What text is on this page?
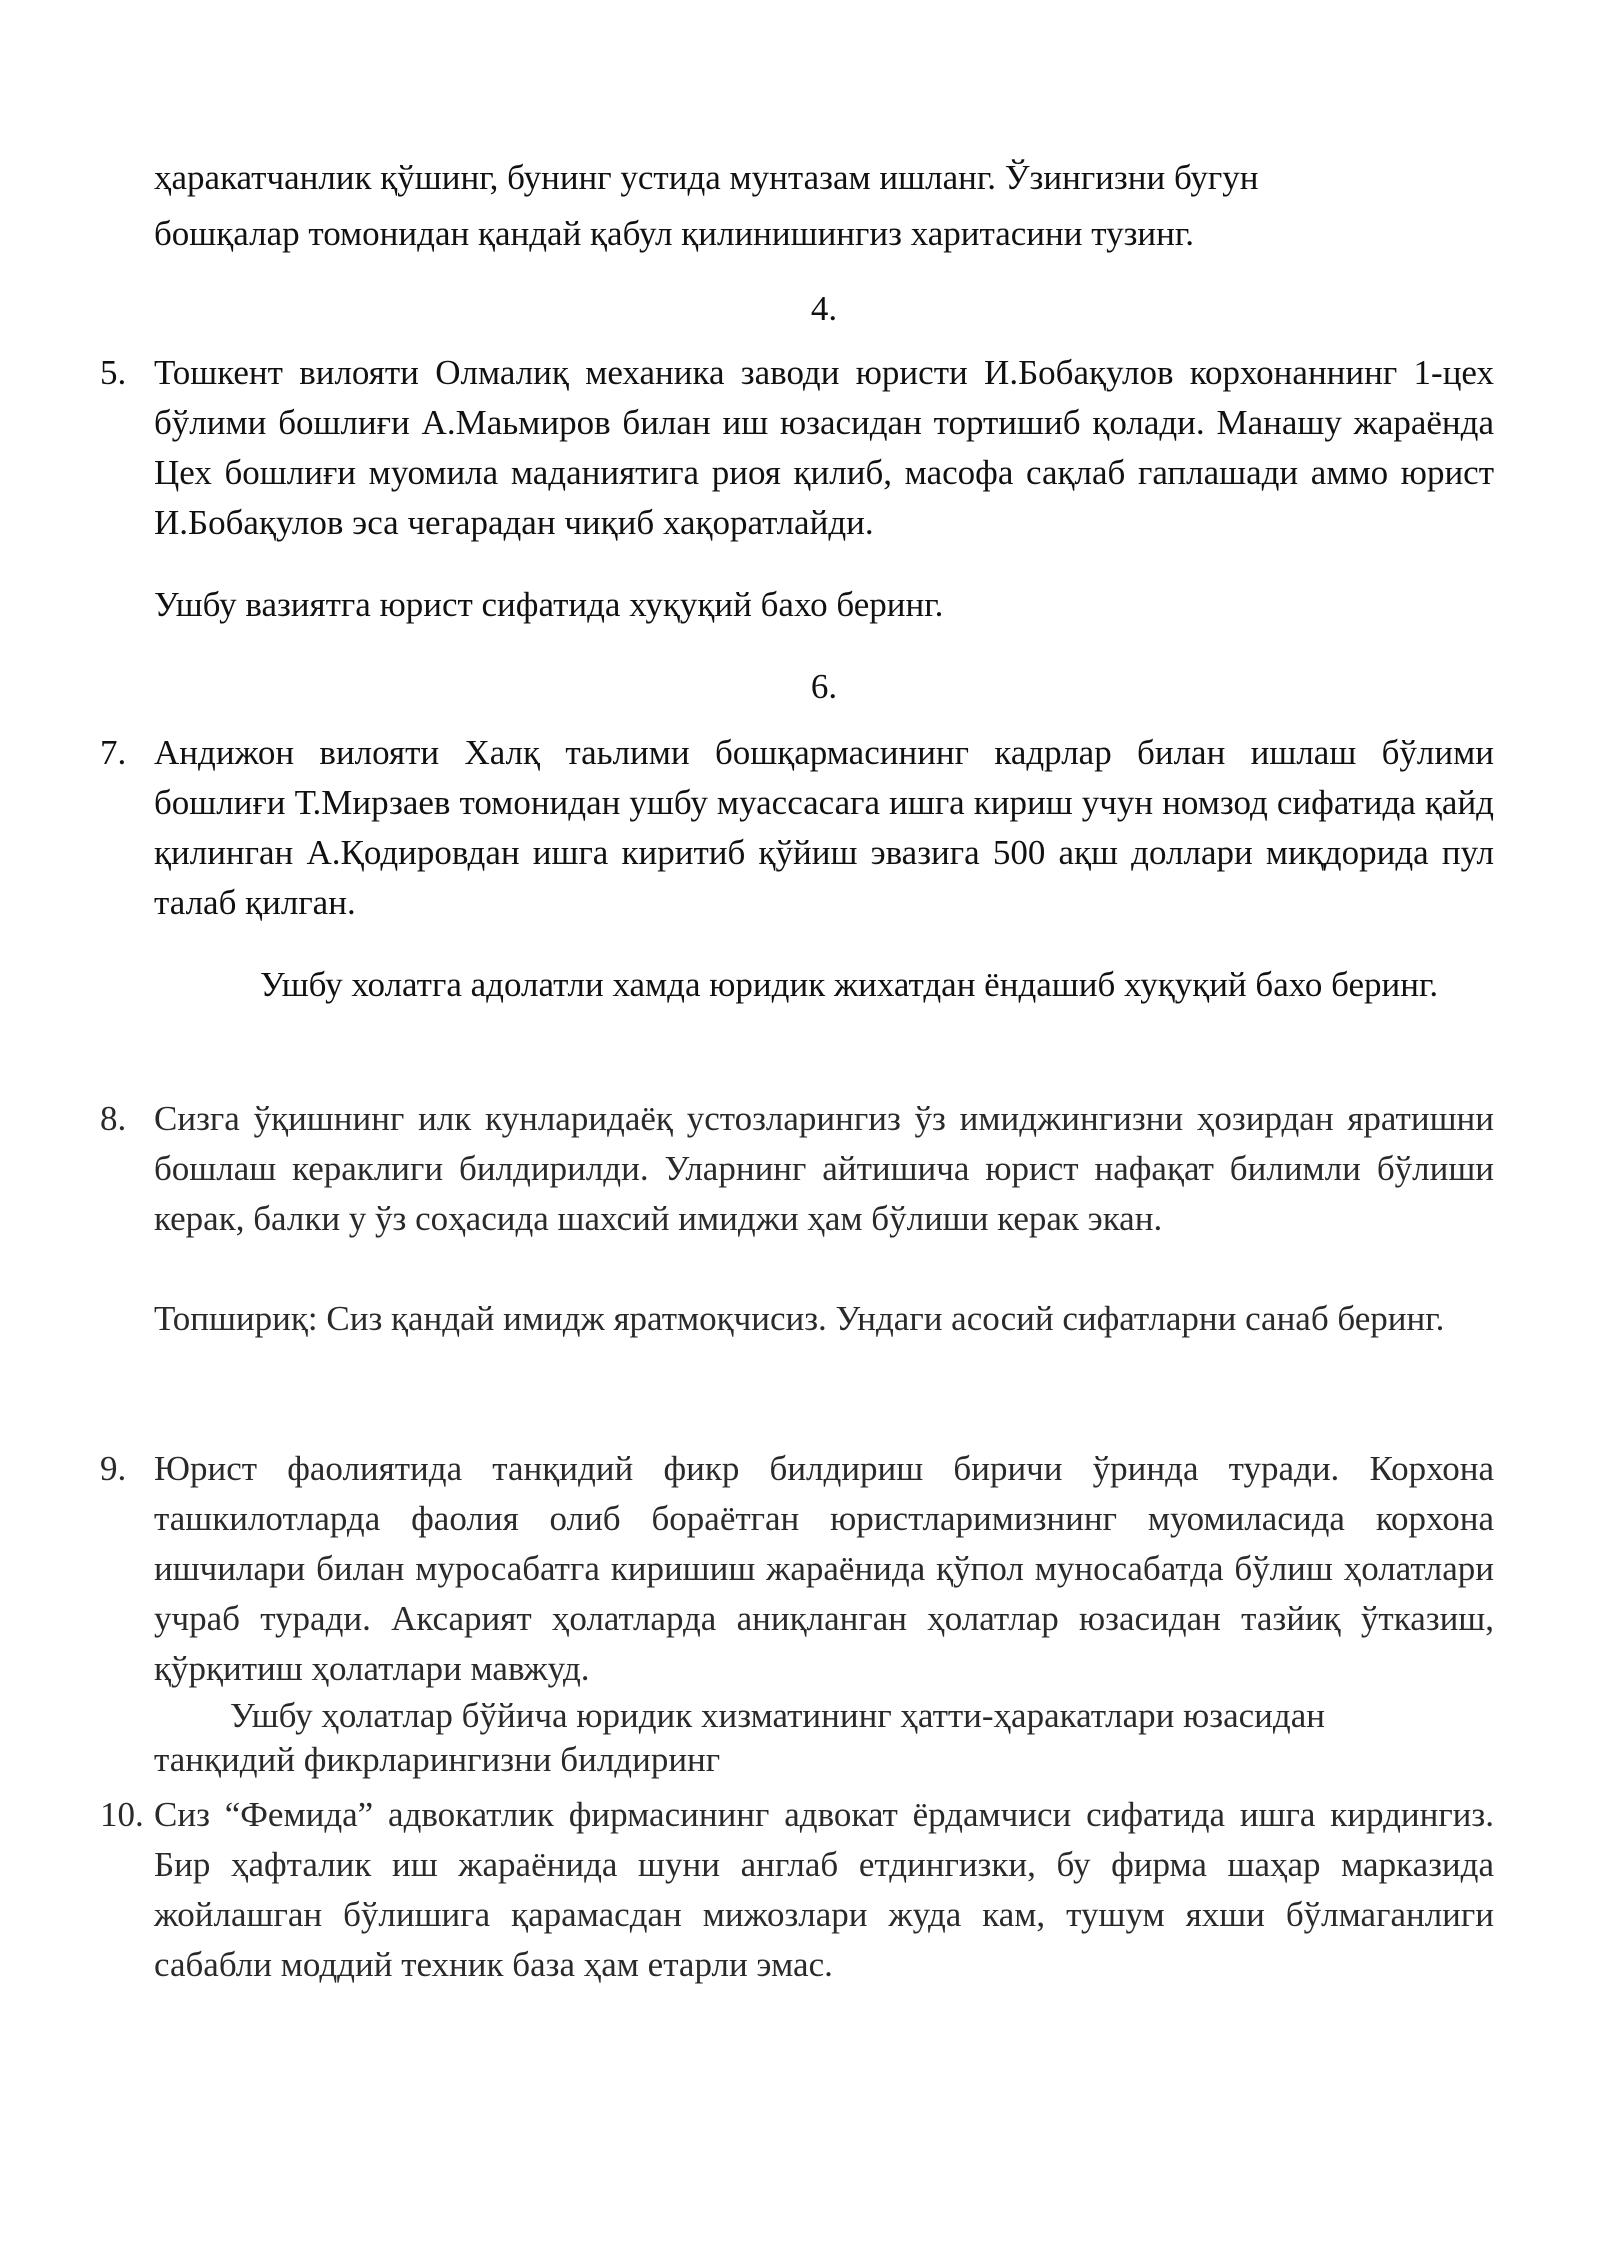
ҳаракатчанлик қўшинг, бунинг устида мунтазам ишланг. Ўзингизни бугун
бошқалар томонидан қандай қабул қилинишингиз харитасини тузинг.
4.
5. Тошкент вилояти Олмалиқ механика заводи юристи И.Бобақулов корхонаннинг 1-цех бўлими бошлиғи А.Маьмиров билан иш юзасидан тортишиб қолади. Манашу жараёнда Цех бошлиғи муомила маданиятига риоя қилиб, масофа сақлаб гаплашади аммо юрист И.Бобақулов эса чегарадан чиқиб хақоратлайди.
Ушбу вазиятга юрист сифатида хуқуқий бахо беринг.
6.
7. Андижон вилояти Халқ таьлими бошқармасининг кадрлар билан ишлаш бўлими бошлиғи Т.Мирзаев томонидан ушбу муассасага ишга кириш учун номзод сифатида қайд қилинган А.Қодировдан ишга киритиб қўйиш эвазига 500 ақш доллари миқдорида пул талаб қилган.
Ушбу холатга адолатли хамда юридик жихатдан ёндашиб хуқуқий бахо беринг.
8. Сизга ўқишнинг илк кунларидаёқ устозларингиз ўз имиджингизни ҳозирдан яратишни бошлаш кераклиги билдирилди. Уларнинг айтишича юрист нафақат билимли бўлиши керак, балки у ўз соҳасида шахсий имиджи ҳам бўлиши керак экан.
Топшириқ: Сиз қандай имидж яратмоқчисиз. Ундаги асосий сифатларни санаб беринг.
9. Юрист фаолиятида танқидий фикр билдириш биричи ўринда туради. Корхона ташкилотларда фаолия олиб бораётган юристларимизнинг муомиласида корхона ишчилари билан муросабатга киришиш жараёнида қўпол муносабатда бўлиш ҳолатлари учраб туради. Аксарият ҳолатларда аниқланган ҳолатлар юзасидан тазйиқ ўтказиш, қўрқитиш ҳолатлари мавжуд.
Ушбу ҳолатлар бўйича юридик хизматининг ҳатти-ҳаракатлари юзасидан
танқидий фикрларингизни билдиринг
10. Сиз “Фемида” адвокатлик фирмасининг адвокат ёрдамчиси сифатида ишга кирдингиз. Бир ҳафталик иш жараёнида шуни англаб етдингизки, бу фирма шаҳар марказида жойлашган бўлишига қарамасдан мижозлари жуда кам, тушум яхши бўлмаганлиги сабабли моддий техник база ҳам етарли эмас.
